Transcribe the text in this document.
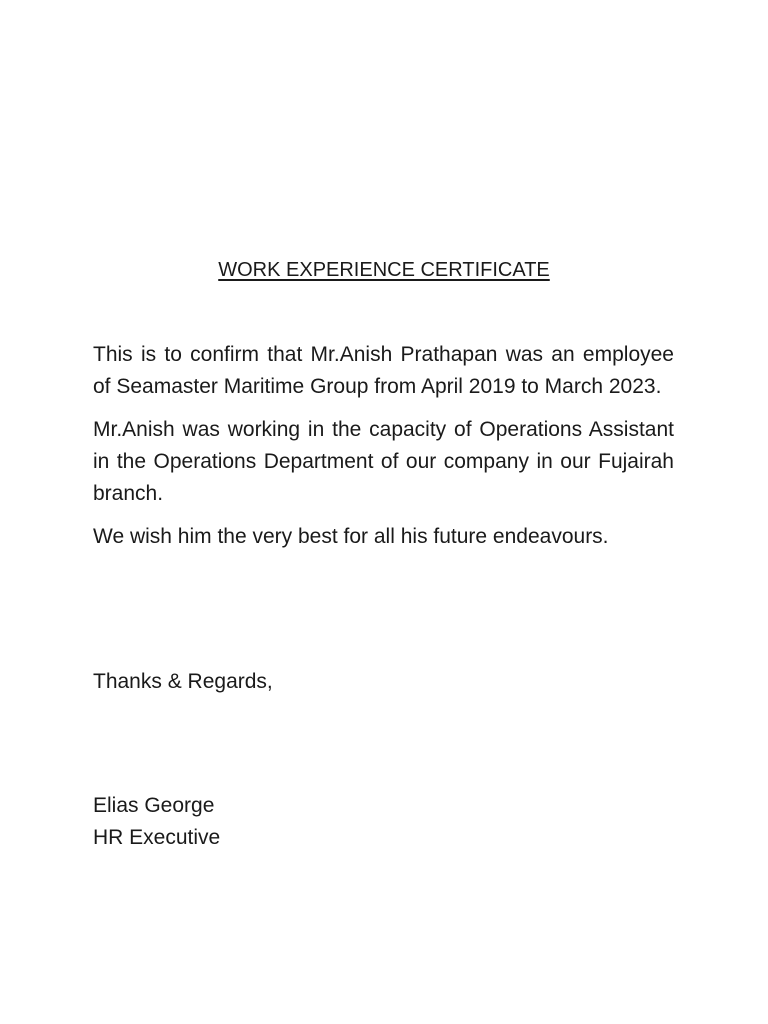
WORK EXPERIENCE CERTIFICATE

This is to confirm that Mr.Anish Prathapan was an employee of Seamaster Maritime Group from April 2019 to March 2023.

Mr.Anish was working in the capacity of Operations Assistant in the Operations Department of our company in our Fujairah branch.

We wish him the very best for all his future endeavours.

Thanks & Regards,
Elias George
HR Executive
